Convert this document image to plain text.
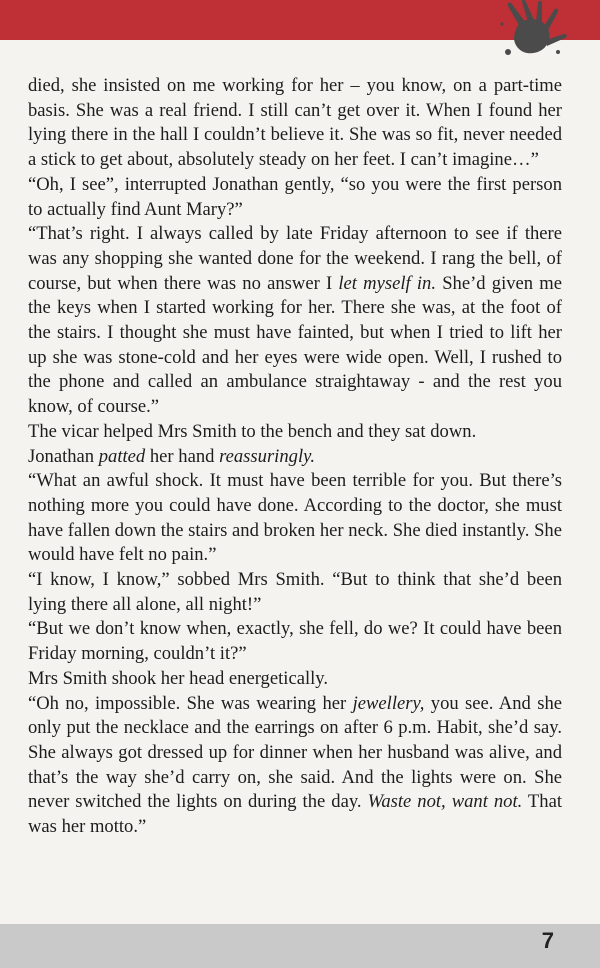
died, she insisted on me working for her – you know, on a part-time basis. She was a real friend. I still can’t get over it. When I found her lying there in the hall I couldn’t believe it. She was so fit, never needed a stick to get about, absolutely steady on her feet. I can’t imagine…”

“Oh, I see”, interrupted Jonathan gently, “so you were the first person to actually find Aunt Mary?”

“That’s right. I always called by late Friday afternoon to see if there was any shopping she wanted done for the weekend. I rang the bell, of course, but when there was no answer I let myself in. She’d given me the keys when I started working for her. There she was, at the foot of the stairs. I thought she must have fainted, but when I tried to lift her up she was stone-cold and her eyes were wide open. Well, I rushed to the phone and called an ambulance straightaway - and the rest you know, of course.”

The vicar helped Mrs Smith to the bench and they sat down.

Jonathan patted her hand reassuringly.

“What an awful shock. It must have been terrible for you. But there’s nothing more you could have done. According to the doctor, she must have fallen down the stairs and broken her neck. She died instantly. She would have felt no pain.”

“I know, I know,” sobbed Mrs Smith. “But to think that she’d been lying there all alone, all night!”

“But we don’t know when, exactly, she fell, do we? It could have been Friday morning, couldn’t it?”

Mrs Smith shook her head energetically.

“Oh no, impossible. She was wearing her jewellery, you see. And she only put the necklace and the earrings on after 6 p.m. Habit, she’d say. She always got dressed up for dinner when her husband was alive, and that’s the way she’d carry on, she said. And the lights were on. She never switched the lights on during the day. Waste not, want not. That was her motto.”

7
